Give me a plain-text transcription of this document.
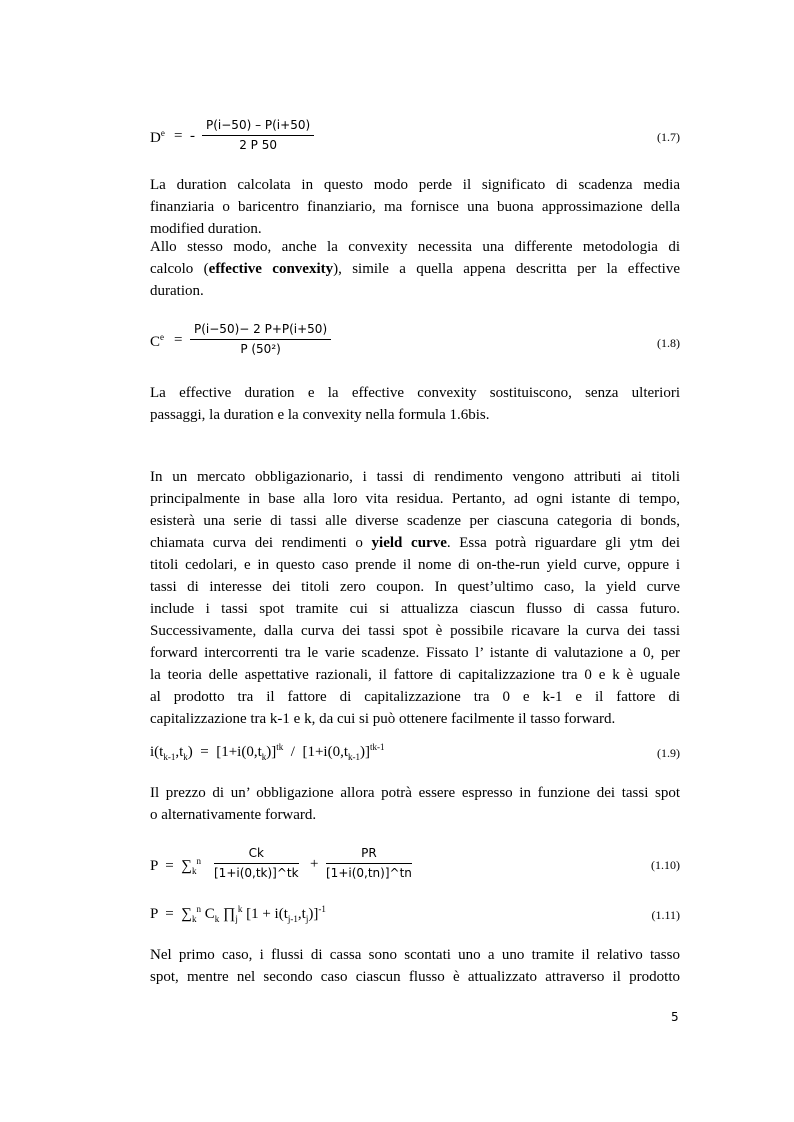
$D^e$ =  - $\frac{P(i-50) - P(i+50)}{2 P 50}$	(1.7)
La duration calcolata in questo modo perde il significato di scadenza media
finanziaria o baricentro finanziario, ma fornisce una buona approssimazione della
modified duration.
Allo stesso modo, anche la convexity necessita una differente metodologia di
calcolo (effective convexity), simile a quella appena descritta per la effective
duration.
$C^e = \frac{P(i-50)- 2 P+P(i+50)}{\text{P (50²)}}$	(1.8)
La effective duration e la effective convexity sostituiscono, senza ulteriori
passaggi, la duration e la convexity nella formula 1.6bis.
In un mercato obbligazionario, i tassi di rendimento vengono attributi ai titoli
principalmente in base alla loro vita residua. Pertanto, ad ogni istante di tempo,
esisterà una serie di tassi alle diverse scadenze per ciascuna categoria di bonds,
chiamata curva dei rendimenti o yield curve. Essa potrà riguardare gli ytm dei
titoli cedolari, e in questo caso prende il nome di on-the-run yield curve, oppure i
tassi di interesse dei titoli zero coupon. In quest’ultimo caso, la yield curve
include i tassi spot tramite cui si attualizza ciascun flusso di cassa futuro.
Successivamente, dalla curva dei tassi spot è possibile ricavare la curva dei tassi
forward intercorrenti tra le varie scadenze. Fissato l’ istante di valutazione a 0, per
la teoria delle aspettative razionali, il fattore di capitalizzazione tra 0 e k è uguale
al prodotto tra il fattore di capitalizzazione tra 0 e k-1 e il fattore di
capitalizzazione tra k-1 e k, da cui si può ottenere facilmente il tasso forward.
$i(t_{k-1},t_k) = [1+i(0,t_k)]^{tk} / [1+i(0,t_{k-1})]^{tk-1}$	(1.9)
Il prezzo di un’ obbligazione allora potrà essere espresso in funzione dei tassi spot
o alternativamente forward.
$P = \sum_k^n \frac{Ck}{[1+i(0,tk)]\^{}tk} + \frac{PR}{[1+i(0,tn)]\^{}tn}$	(1.10)
$P = \sum_k^n$ $C_k$ $\prod_j^k$ $[1 + i(t_{j-1},t_j)]^{-1}$	(1.11)
Nel primo caso, i flussi di cassa sono scontati uno a uno tramite il relativo tasso
spot, mentre nel secondo caso ciascun flusso è attualizzato attraverso il prodotto
5
